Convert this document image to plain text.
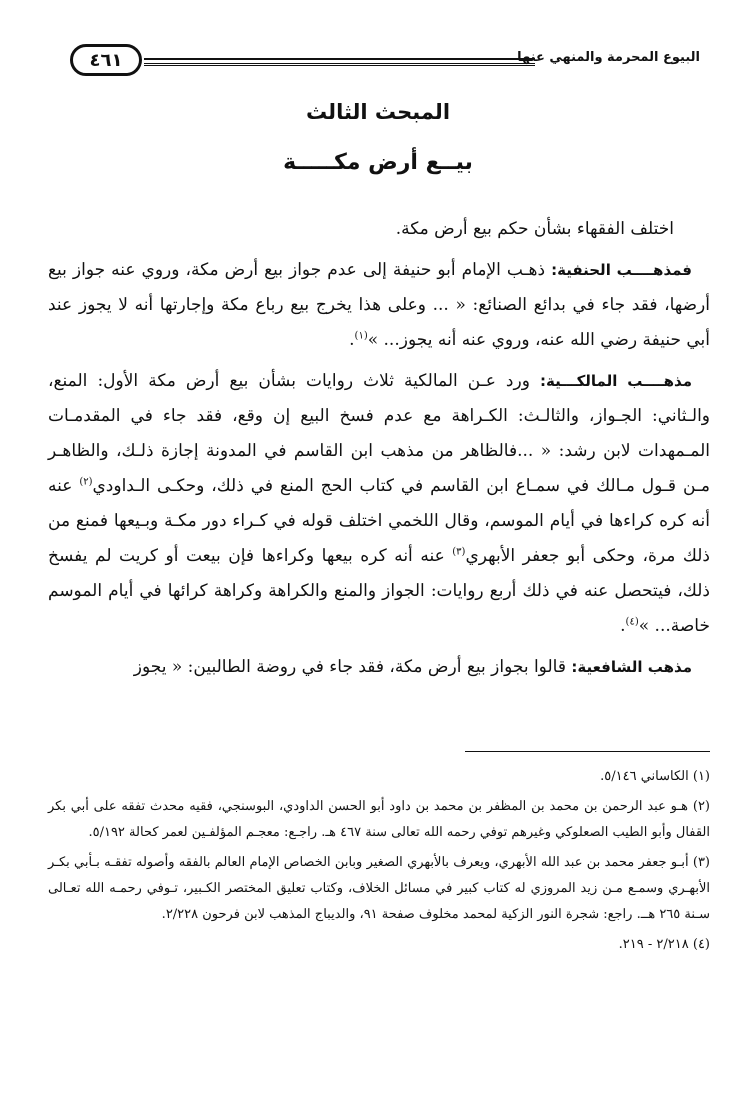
البيوع المحرمة والمنهي عنها
٤٦١
المبحث الثالث
بيــع أرض مكـــــة

اختلف الفقهاء بشأن حكم بيع أرض مكة.

فمذهــــب الحنفية: ذهـب الإمام أبو حنيفة إلى عدم جواز بيع أرض مكة، وروي عنه جواز بيع أرضها، فقد جاء في بدائع الصنائع: « ... وعلى هذا يخرج بيع رباع مكة وإجارتها أنه لا يجوز عند أبي حنيفة رضي الله عنه، وروي عنه أنه يجوز... »$^{(١)}$.

مذهــــب المالكـــية: ورد عـن المالكية ثلاث روايات بشأن بيع أرض مكة الأول: المنع، والـثاني: الجـواز، والثالـث: الكـراهة مع عدم فسخ البيع إن وقع، فقد جاء في المقدمـات المـمهدات لابن رشد: « ...فالظاهر من مذهب ابن القاسم في المدونة إجازة ذلـك، والظاهـر مـن قـول مـالك في سمـاع ابن القاسم في كتاب الحج المنع في ذلك، وحكـى الـداودي$^{(٢)}$ عنه أنه كره كراءها في أيام الموسم، وقال اللخمي اختلف قوله في كـراء دور مكـة وبـيعها فمنع من ذلك مرة، وحكى أبو جعفر الأبهري$^{(٣)}$ عنه أنه كره بيعها وكراءها فإن بيعت أو كريت لم يفسخ ذلك، فيتحصل عنه في ذلك أربع روايات: الجواز والمنع والكراهة وكراهة كرائها في أيام الموسم خاصة... »$^{(٤)}$.

مذهب الشافعية: قالوا بجواز بيع أرض مكة، فقد جاء في روضة الطالبين: « يجوز

(١) الكاساني ٥/١٤٦.

(٢) هـو عبد الرحمن بن محمد بن المظفر بن محمد بن داود أبو الحسن الداودي، البوسنجي، فقيه محدث تفقه على أبي بكر القفال وأبو الطيب الصعلوكي وغيرهم توفي رحمه الله تعالى سنة ٤٦٧ هـ. راجـع: معجـم المؤلفـين لعمر كحالة ٥/١٩٢.

(٣) أبـو جعفر محمد بن عبد الله الأبهري، ويعرف بالأبهري الصغير وبابن الخصاص الإمام العالم بالفقه وأصوله تفقـه بـأبي بكـر الأبهـري وسمـع مـن زيد المروزي له كتاب كبير في مسائل الخلاف، وكتاب تعليق المختصر الكـبير، تـوفي رحمـه الله تعـالى سـنة ٢٦٥ هــ. راجع: شجرة النور الزكية لمحمد مخلوف صفحة ٩١، والديباج المذهب لابن فرحون ٢/٢٢٨.

(٤) ٢/٢١٨ - ٢١٩.
